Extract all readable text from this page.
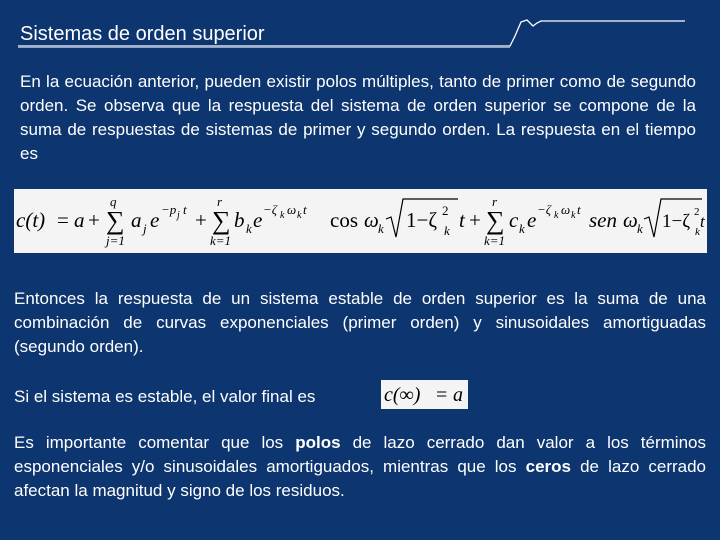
Sistemas de orden superior
En la ecuación anterior, pueden existir polos múltiples, tanto de primer como de segundo orden. Se observa que la respuesta del sistema de orden superior se compone de la suma de respuestas de sistemas de primer y segundo orden. La respuesta en el tiempo es
c(t) = a +
q
∑
j=1
a j e −p j t +
r
∑
k=1
b k e −ζ k ω k t cos ω k 1−ζ 2
k t +
r
∑
k=1
c k e −ζ k ω k t sen ω k 1−ζ 2
k
t
Entonces la respuesta de un sistema estable de orden superior es la suma de una combinación de curvas exponenciales (primer orden) y sinusoidales amortiguadas (segundo orden).
Si el sistema es estable, el valor final es	c(∞) = a
Es importante comentar que los polos de lazo cerrado dan valor a los términos esponenciales y/o sinusoidales amortiguados, mientras que los ceros de lazo cerrado afectan la magnitud y signo de los residuos.
